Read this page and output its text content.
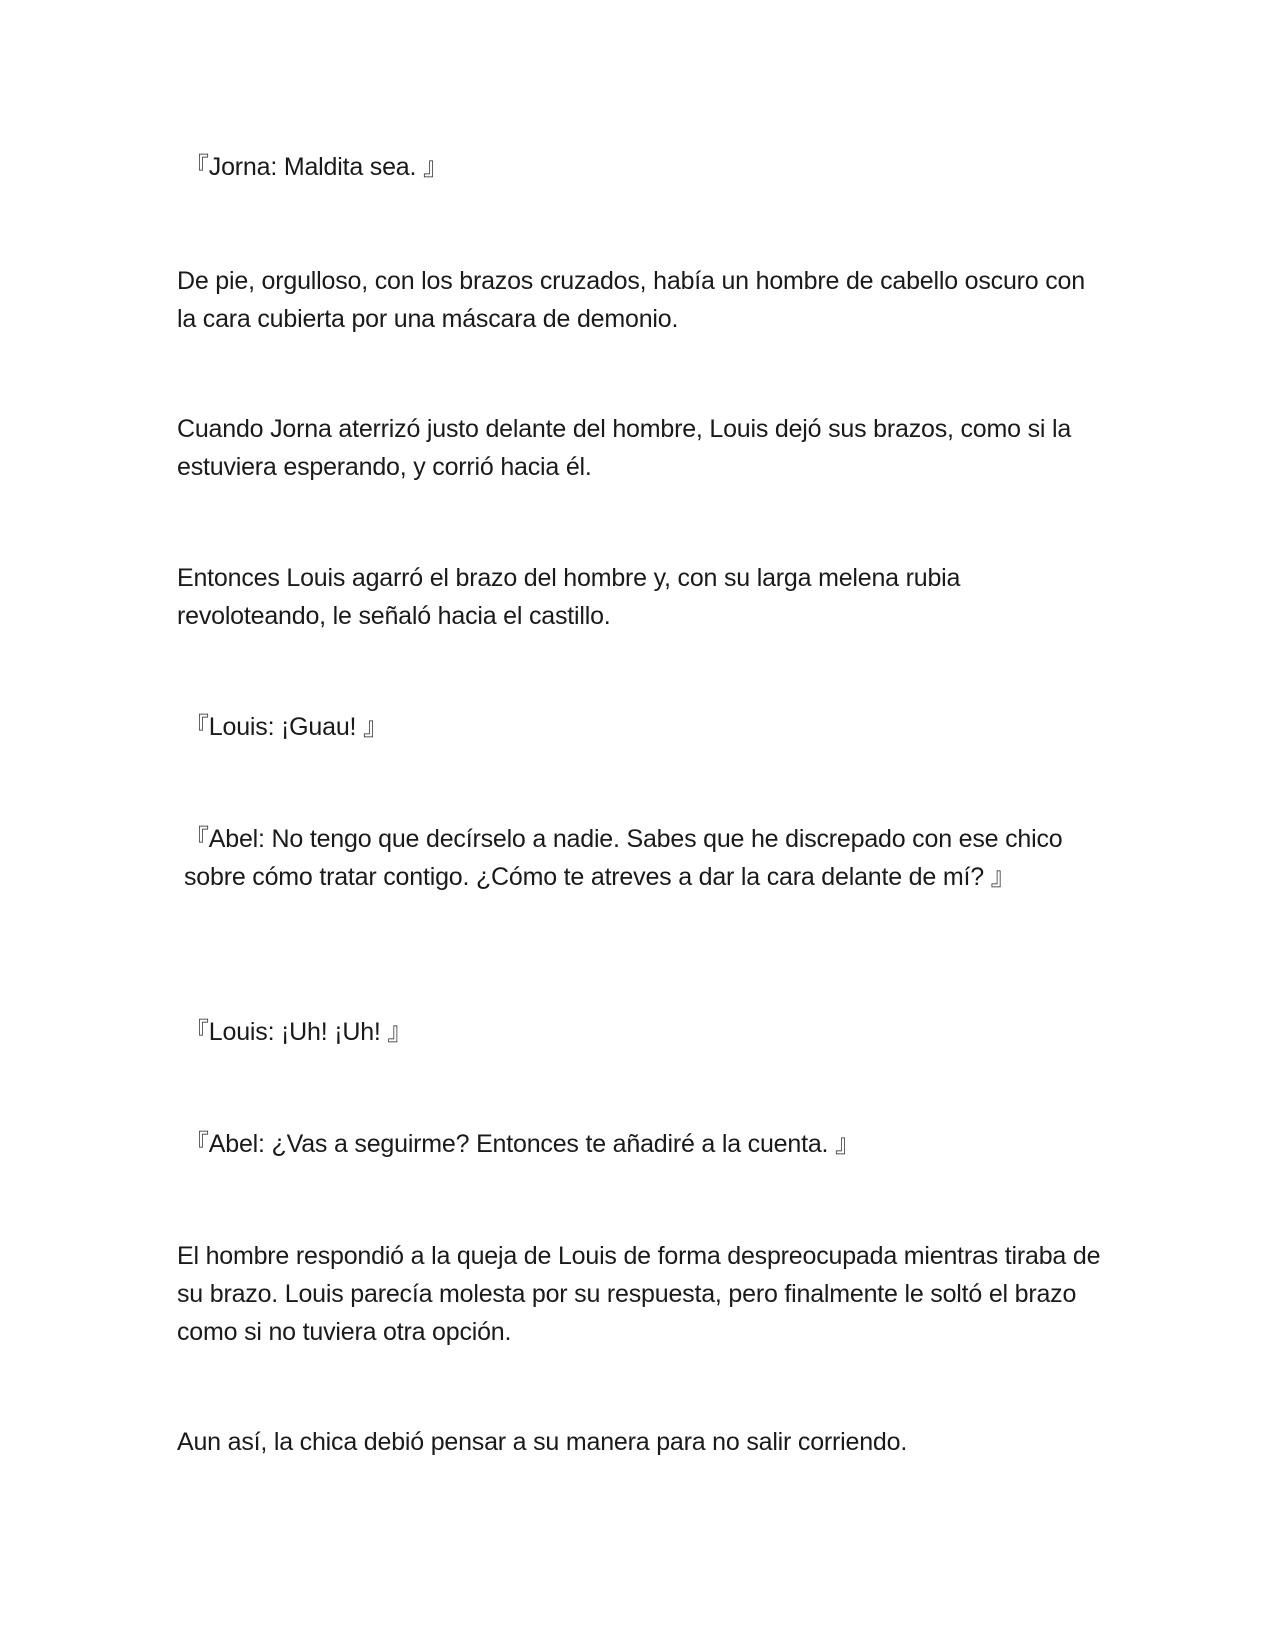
『Jorna: Maldita sea. 』

De pie, orgulloso, con los brazos cruzados, había un hombre de cabello oscuro con la cara cubierta por una máscara de demonio.

Cuando Jorna aterrizó justo delante del hombre, Louis dejó sus brazos, como si la estuviera esperando, y corrió hacia él.

Entonces Louis agarró el brazo del hombre y, con su larga melena rubia revoloteando, le señaló hacia el castillo.

『Louis: ¡Guau! 』

『Abel: No tengo que decírselo a nadie. Sabes que he discrepado con ese chico sobre cómo tratar contigo. ¿Cómo te atreves a dar la cara delante de mí? 』

『Louis: ¡Uh! ¡Uh! 』

『Abel: ¿Vas a seguirme? Entonces te añadiré a la cuenta. 』

El hombre respondió a la queja de Louis de forma despreocupada mientras tiraba de su brazo. Louis parecía molesta por su respuesta, pero finalmente le soltó el brazo como si no tuviera otra opción.

Aun así, la chica debió pensar a su manera para no salir corriendo.
